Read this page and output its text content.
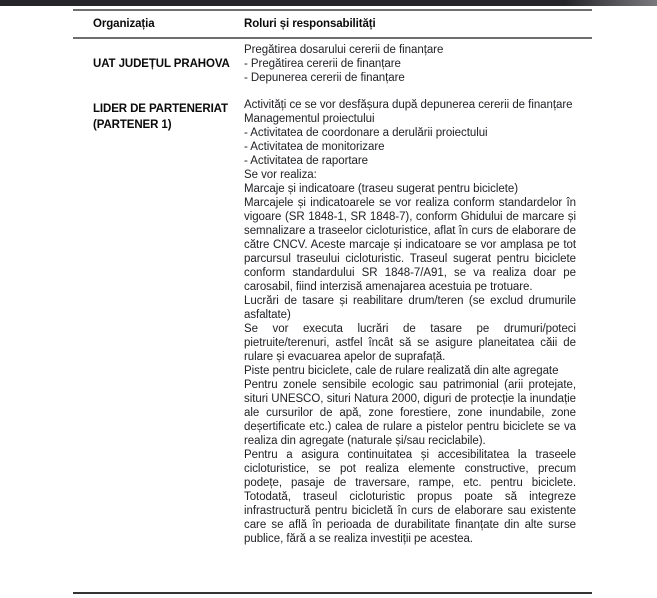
Organizația	Roluri și responsabilități
UAT JUDEȚUL PRAHOVA

Pregătirea dosarului cererii de finanțare

- Pregătirea cererii de finanțare

- Depunerea cererii de finanțare

LIDER DE PARTENERIAT (PARTENER 1)

Activități ce se vor desfășura după depunerea cererii de finanțare

Managementul proiectului

- Activitatea de coordonare a derulării proiectului

- Activitatea de monitorizare

- Activitatea de raportare

Se vor realiza:

Marcaje și indicatoare (traseu sugerat pentru biciclete)

Marcajele și indicatoarele se vor realiza conform standardelor în vigoare (SR 1848-1, SR 1848-7), conform Ghidului de marcare și semnalizare a traseelor cicloturistice, aflat în curs de elaborare de către CNCV. Aceste marcaje și indicatoare se vor amplasa pe tot parcursul traseului cicloturistic. Traseul sugerat pentru biciclete conform standardului SR 1848-7/A91, se va realiza doar pe carosabil, fiind interzisă amenajarea acestuia pe trotuare.

Lucrări de tasare și reabilitare drum/teren (se exclud drumurile asfaltate)

Se vor executa lucrări de tasare pe drumuri/poteci pietruite/terenuri, astfel încât să se asigure planeitatea căii de rulare și evacuarea apelor de suprafață.

Piste pentru biciclete, cale de rulare realizată din alte agregate

Pentru zonele sensibile ecologic sau patrimonial (arii protejate, situri UNESCO, situri Natura 2000, diguri de protecție la inundație ale cursurilor de apă, zone forestiere, zone inundabile, zone deșertificate etc.) calea de rulare a pistelor pentru biciclete se va realiza din agregate (naturale și/sau reciclabile).

Pentru a asigura continuitatea și accesibilitatea la traseele cicloturistice, se pot realiza elemente constructive, precum podețe, pasaje de traversare, rampe, etc. pentru biciclete. Totodată, traseul cicloturistic propus poate să integreze infrastructură pentru bicicletă în curs de elaborare sau existente care se află în perioada de durabilitate finanțate din alte surse publice, fără a se realiza investiții pe acestea.
